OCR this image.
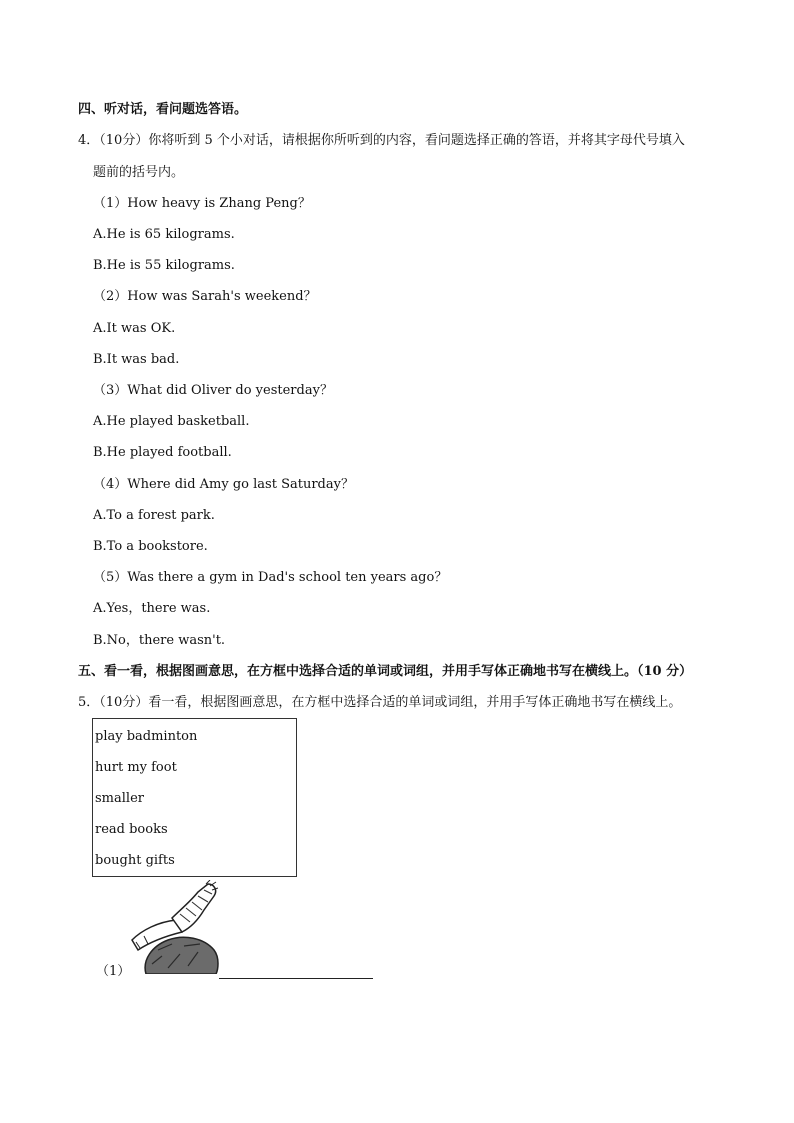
四、听对话，看问题选答语。
4．（10分）你将听到 5 个小对话，请根据你所听到的内容，看问题选择正确的答语，并将其字母代号填入
题前的括号内。
（1）How heavy is Zhang Peng？
A.He is 65 kilograms.
B.He is 55 kilograms.
（2）How was Sarah's weekend？
A.It was OK.
B.It was bad.
（3）What did Oliver do yesterday？
A.He played basketball.
B.He played football.
（4）Where did Amy go last Saturday？
A.To a forest park.
B.To a bookstore.
（5）Was there a gym in Dad's school ten years ago？
A.Yes，there was.
B.No，there wasn't.
五、看一看，根据图画意思，在方框中选择合适的单词或词组，并用手写体正确地书写在横线上。（10 分）
5．（10分）看一看，根据图画意思，在方框中选择合适的单词或词组，并用手写体正确地书写在横线上。
play badminton
hurt my foot
smaller
read books
bought gifts
（1）
